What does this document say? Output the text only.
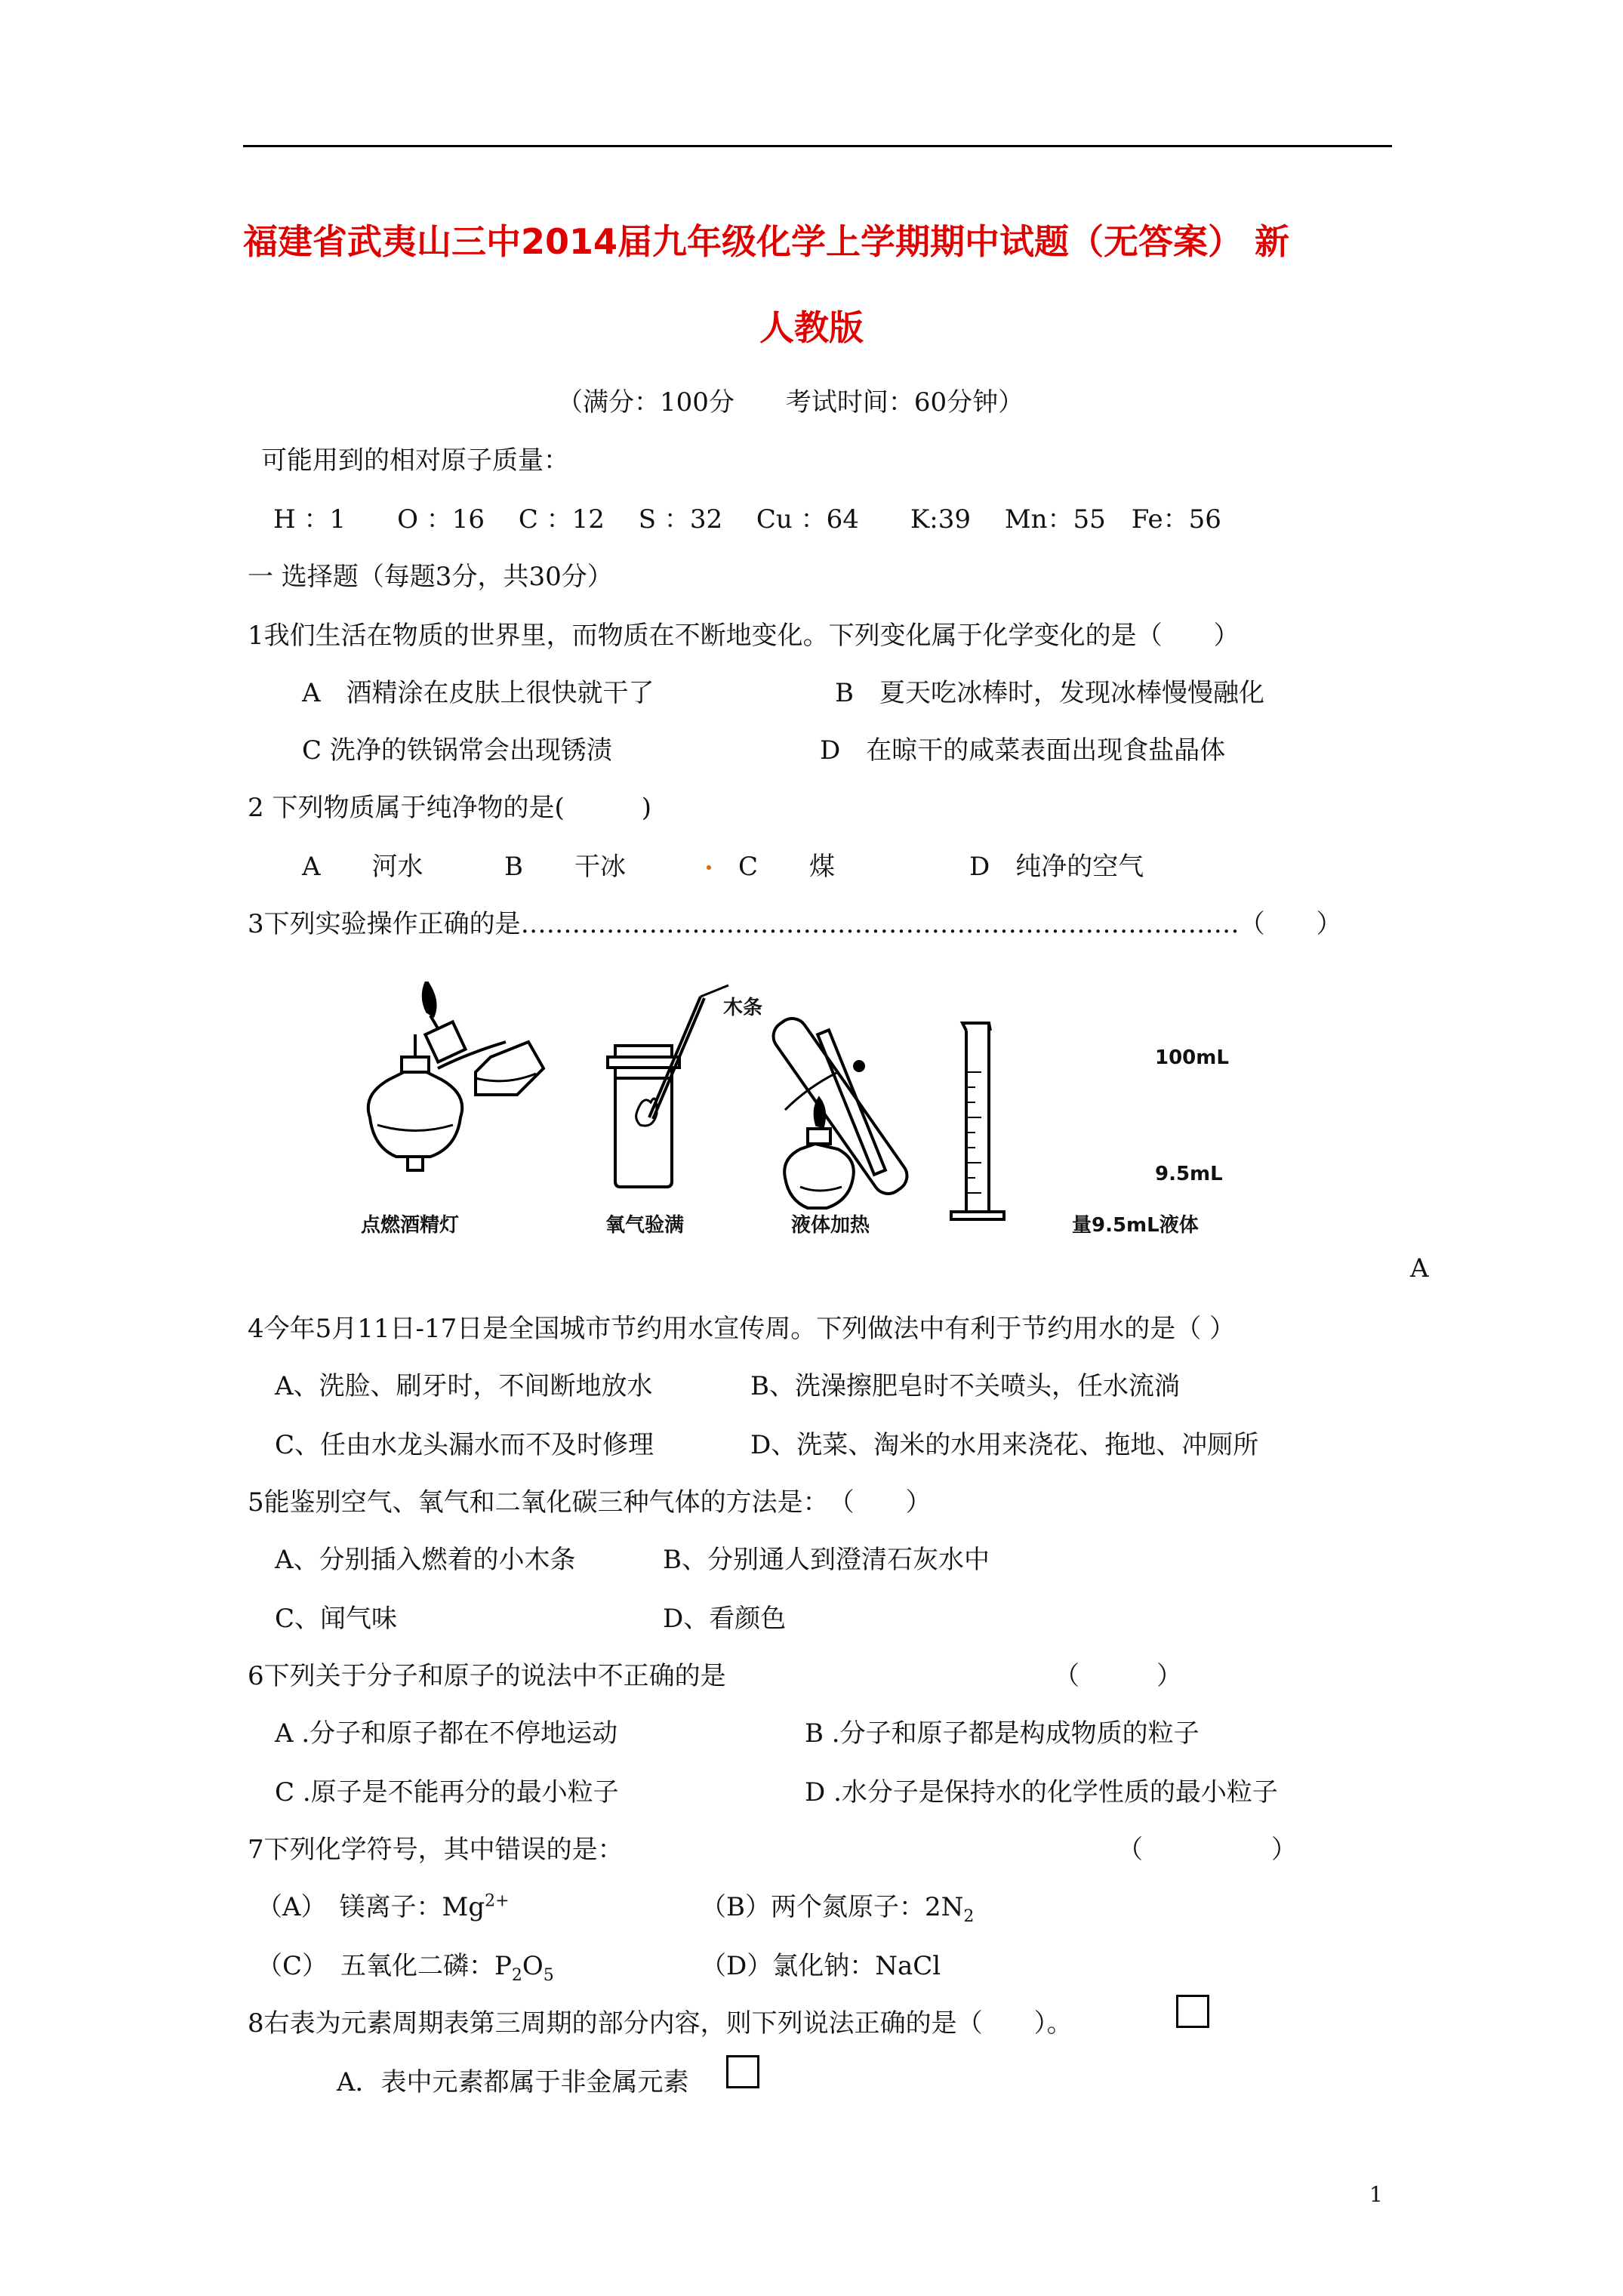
福建省武夷山三中2014届九年级化学上学期期中试题（无答案） 新
人教版
（满分：100分　　考试时间：60分钟）
可能用到的相对原子质量：
H ：1　　O ：16　 C ：12　 S ：32　 Cu ：64　　K:39　 Mn：55　Fe：56
一 选择题（每题3分，共30分）
1我们生活在物质的世界里，而物质在不断地变化。下列变化属于化学变化的是（　　）
A　酒精涂在皮肤上很快就干了	B　夏天吃冰棒时，发现冰棒慢慢融化
C 洗净的铁锅常会出现锈渍	D　在晾干的咸菜表面出现食盐晶体
2 下列物质属于纯净物的是(　　　)
A　　河水	B　　干冰	C　　煤	D　纯净的空气
3下列实验操作正确的是…………………………………………………………………………（　　）
木条
100mL
9.5mL
点燃酒精灯	氧气验满	液体加热	量9.5mL液体
A
4今年5月11日-17日是全国城市节约用水宣传周。下列做法中有利于节约用水的是（ ）
A、洗脸、刷牙时，不间断地放水	B、洗澡擦肥皂时不关喷头，任水流淌
C、任由水龙头漏水而不及时修理	D、洗菜、淘米的水用来浇花、拖地、冲厕所
5能鉴别空气、氧气和二氧化碳三种气体的方法是：　（　　）
A、分别插入燃着的小木条	B、分别通人到澄清石灰水中
C、闻气味	D、看颜色
6下列关于分子和原子的说法中不正确的是	（　　　）
A .分子和原子都在不停地运动	B .分子和原子都是构成物质的粒子
C .原子是不能再分的最小粒子	D .水分子是保持水的化学性质的最小粒子
7下列化学符号，其中错误的是：	（　　　　　）
（A）　镁离子：$Mg^{2+}$	（B）两个氮原子：$2N_2$
（C）　五氧化二磷：$P_2O_5$	（D）氯化钠：NaCl
8右表为元素周期表第三周期的部分内容，则下列说法正确的是（　　）。
A．表中元素都属于非金属元素
1
